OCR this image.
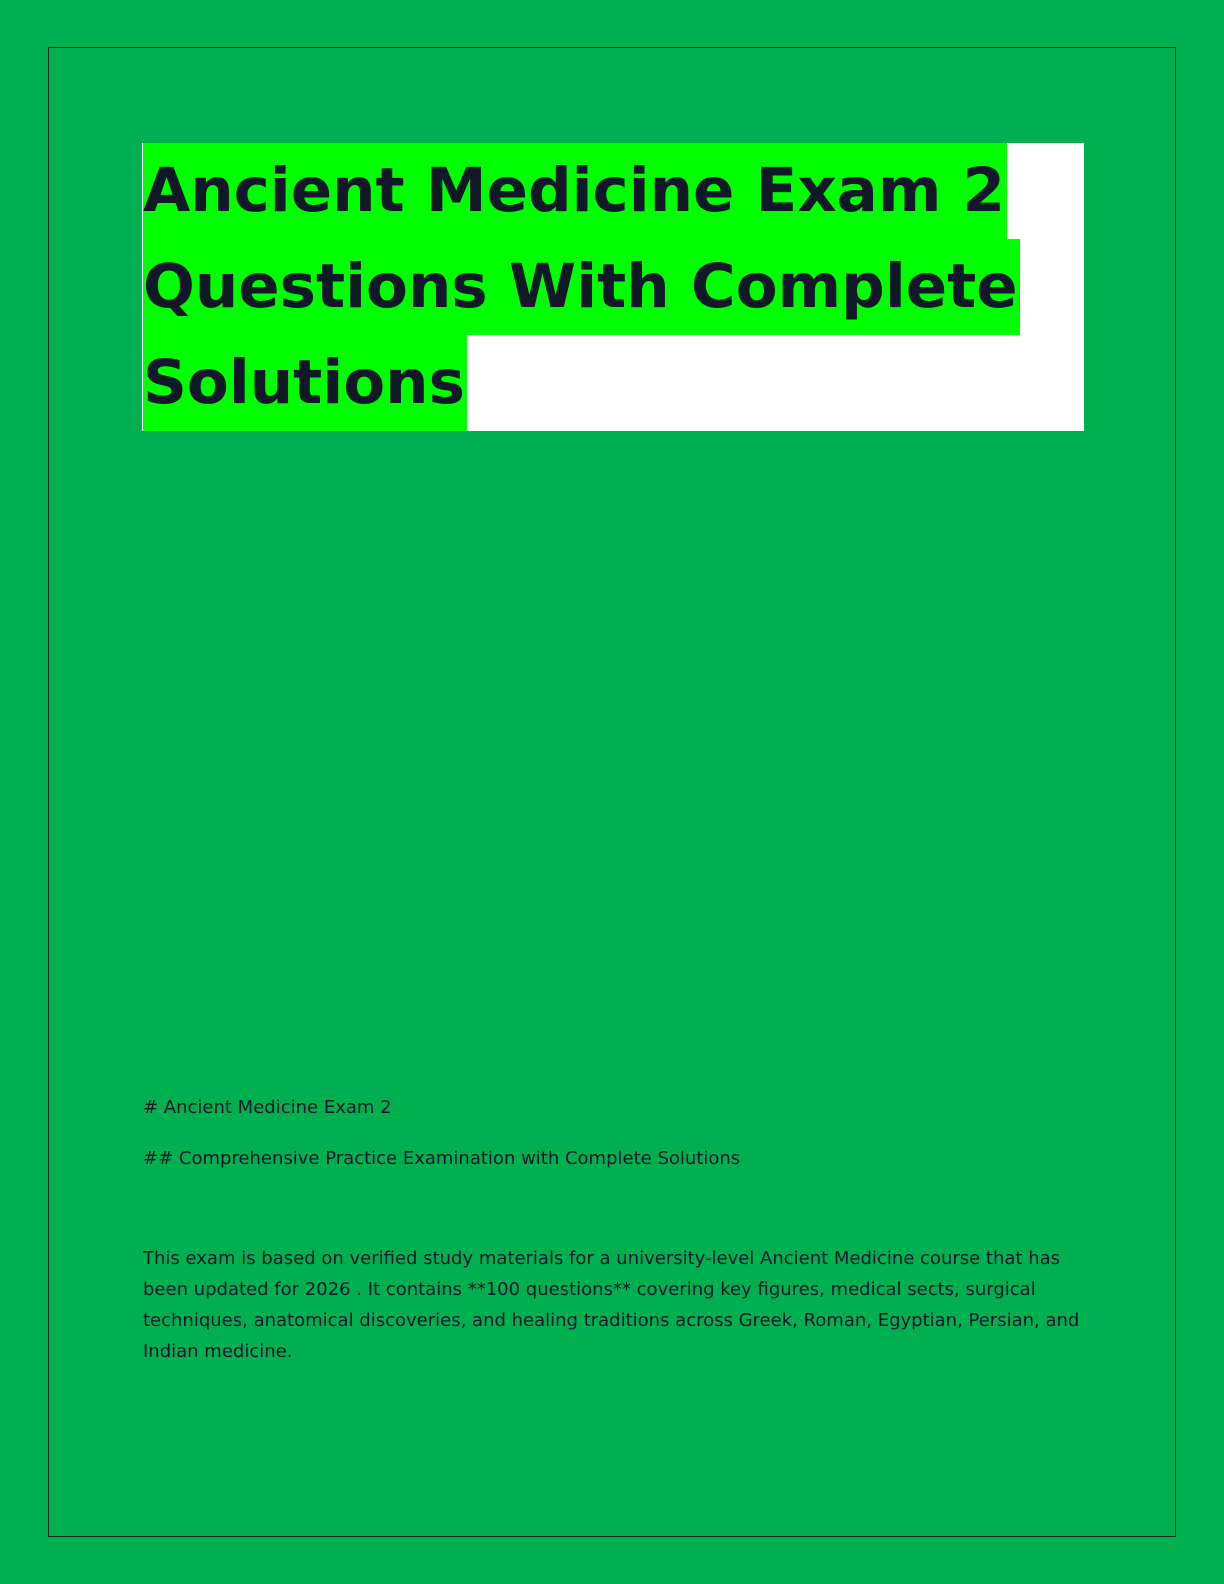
Ancient Medicine Exam 2
Questions With Complete
Solutions

# Ancient Medicine Exam 2

## Comprehensive Practice Examination with Complete Solutions

This exam is based on verified study materials for a university-level Ancient Medicine course that has been updated for 2026 . It contains **100 questions** covering key figures, medical sects, surgical techniques, anatomical discoveries, and healing traditions across Greek, Roman, Egyptian, Persian, and Indian medicine.
